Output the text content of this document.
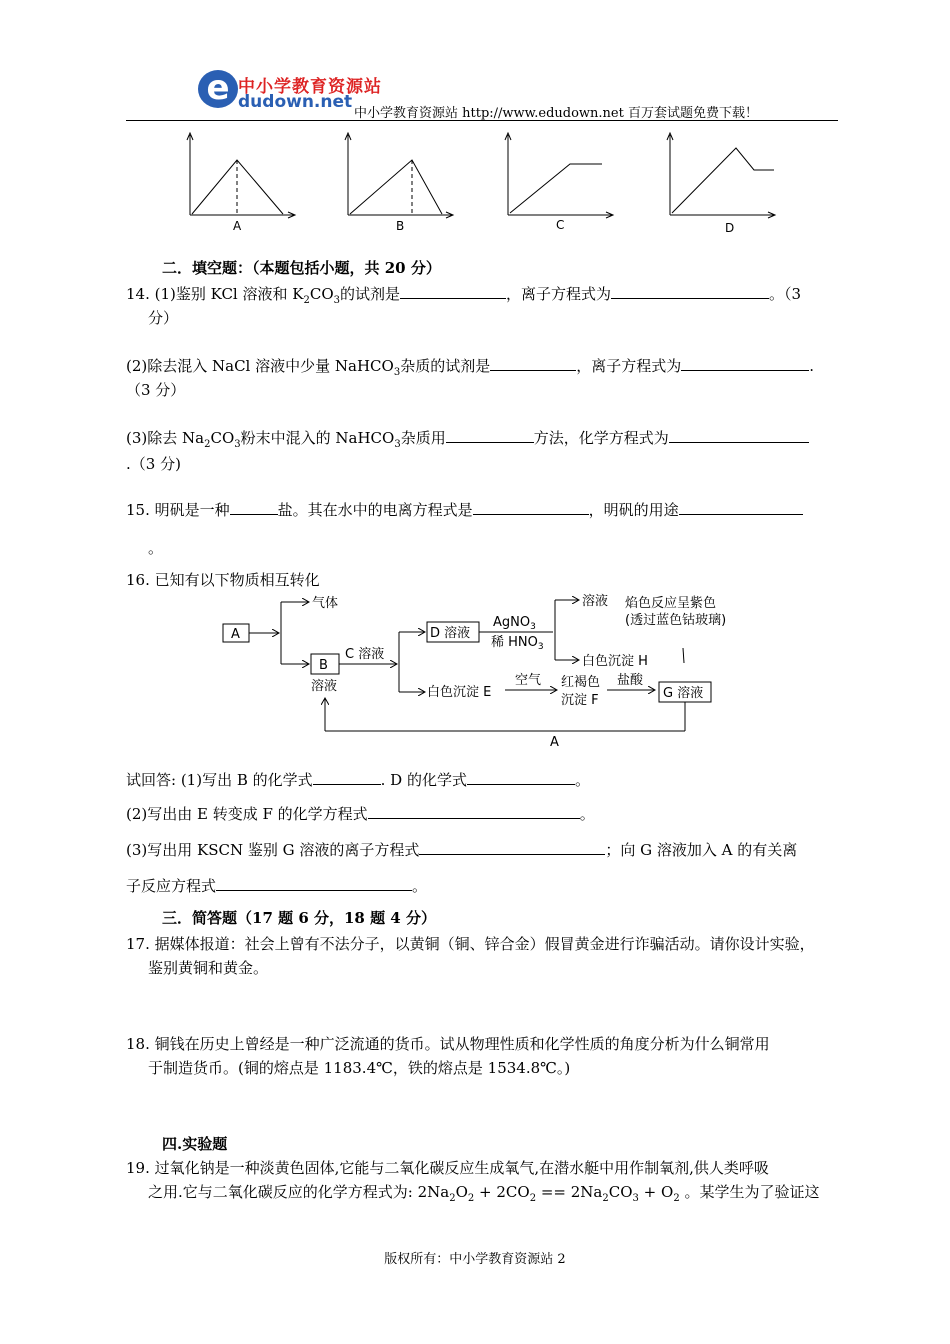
e 中小学教育资源站
dudown.net
中小学教育资源站 http://www.edudown.net 百万套试题免费下载！
A	B	C	D
二．填空题：（本题包括小题，共 20 分）
14. (1)鉴别 KCl 溶液和 $K_2CO_3$的试剂是	，离子方程式为	。（3
分）
(2)除去混入 NaCl 溶液中少量 NaHCO$_3$杂质的试剂是	，离子方程式为	.
（3 分）
(3)除去 $Na_2CO_3$粉末中混入的 NaHCO$_3$杂质用	方法，化学方程式为
.（3 分)
15. 明矾是一种	盐。其在水中的电离方程式是	，明矾的用途
。
16. 已知有以下物质相互转化
A
气体
B
溶液
C 溶液
D 溶液
AgNO$_3$
稀 $HNO_3$
溶液 焰色反应呈紫色
(透过蓝色钴玻璃)
白色沉淀 H
白色沉淀 E
空气 红褐色
沉淀 F
盐酸
G 溶液
A
试回答: (1)写出 B 的化学式	. D 的化学式	。
(2)写出由 E 转变成 F 的化学方程式	。
(3)写出用 KSCN 鉴别 G 溶液的离子方程式	；向 G 溶液加入 A 的有关离
子反应方程式	。
三．简答题（17 题 6 分，18 题 4 分）
17. 据媒体报道：社会上曾有不法分子，以黄铜（铜、锌合金）假冒黄金进行诈骗活动。请你设计实验，
鉴别黄铜和黄金。
18. 铜钱在历史上曾经是一种广泛流通的货币。试从物理性质和化学性质的角度分析为什么铜常用
于制造货币。(铜的熔点是 1183.4℃，铁的熔点是 1534.8℃。)
四.实验题
19. 过氧化钠是一种淡黄色固体,它能与二氧化碳反应生成氧气,在潜水艇中用作制氧剂,供人类呼吸
之用.它与二氧化碳反应的化学方程式为: $2Na_2O_2 + 2CO_2 == 2Na_2CO_3 + O_2$ 。某学生为了验证这
版权所有：中小学教育资源站 2
